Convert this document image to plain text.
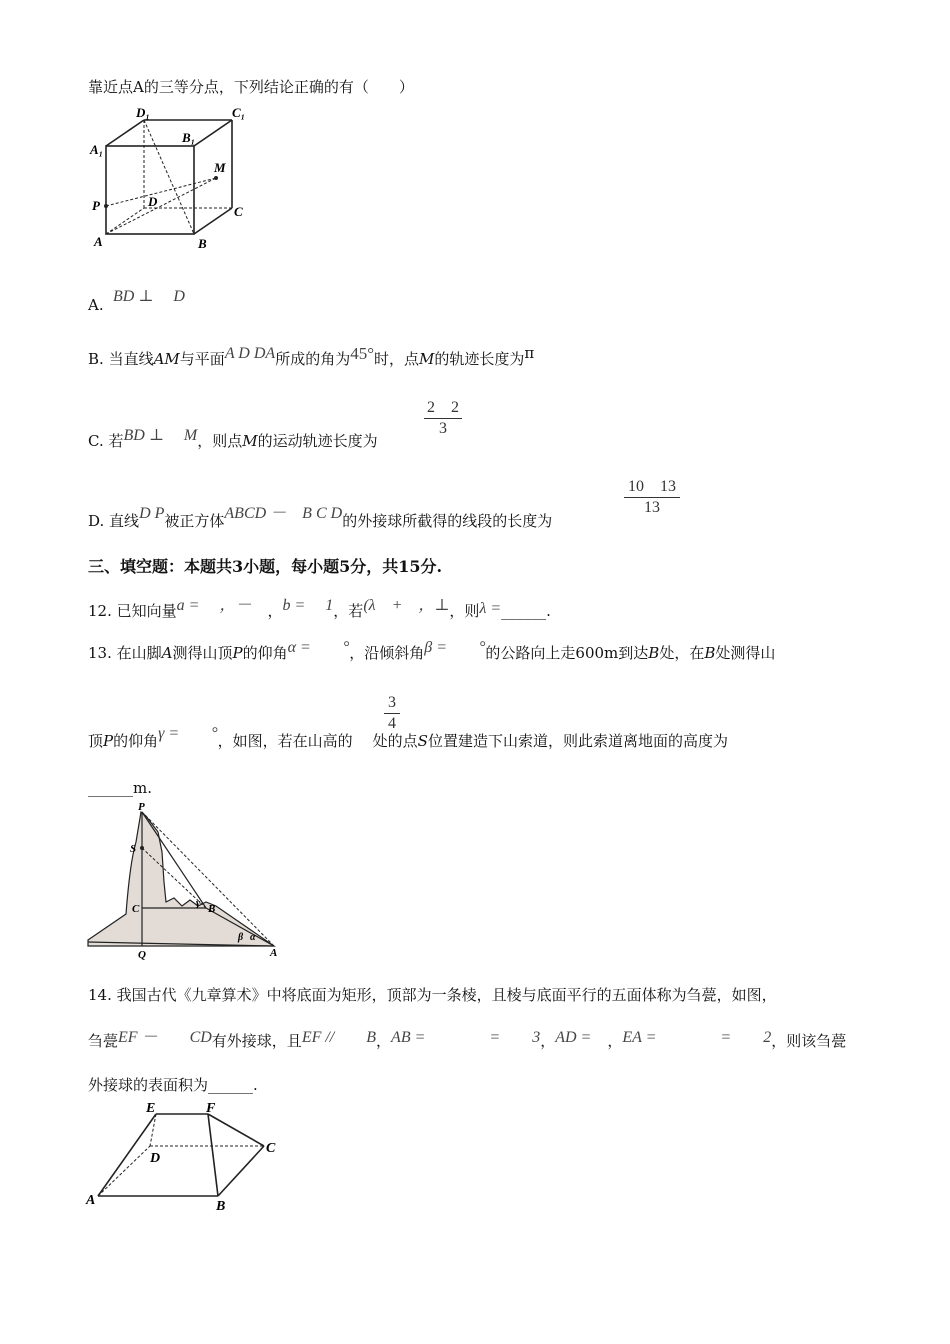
靠近点A的三等分点，下列结论正确的有（　　）
D₁	C₁
B₁
A₁
M
P	D
C
A	B
A. BD ⊥ 　D
B. 当直线AM与平面A D DA所成的角为45°时，点M的轨迹长度为π
C. 若BD ⊥ 　M，则点M的运动轨迹长度为
2　2
3
D. 直线D P被正方体ABCD －　B C D的外接球所截得的线段的长度为
10　13
13
三、填空题：本题共3小题，每小题5分，共15分.
12. 已知向量a = 　，－　，b = 　1，若(λ　+　，⊥，则λ =______.
13. 在山脚A测得山顶P的仰角α =　　°，沿倾斜角β =　　°的公路向上走600m到达B处，在B处测得山
顶P的仰角γ =　　°，如图，若在山高的 处的点S位置建造下山索道，则此索道离地面的高度为
3
4
______m.
P
S
C	B
γ
Q
β α
A
14. 我国古代《九章算术》中将底面为矩形，顶部为一条棱，且棱与底面平行的五面体称为刍甍，如图，
刍甍EF －　　CD有外接球，且EF //　　B，AB =　　　　=　　3，AD =　，EA =　　　　=　　2，则该刍甍
外接球的表面积为______.
E	F
D
C
A	B
